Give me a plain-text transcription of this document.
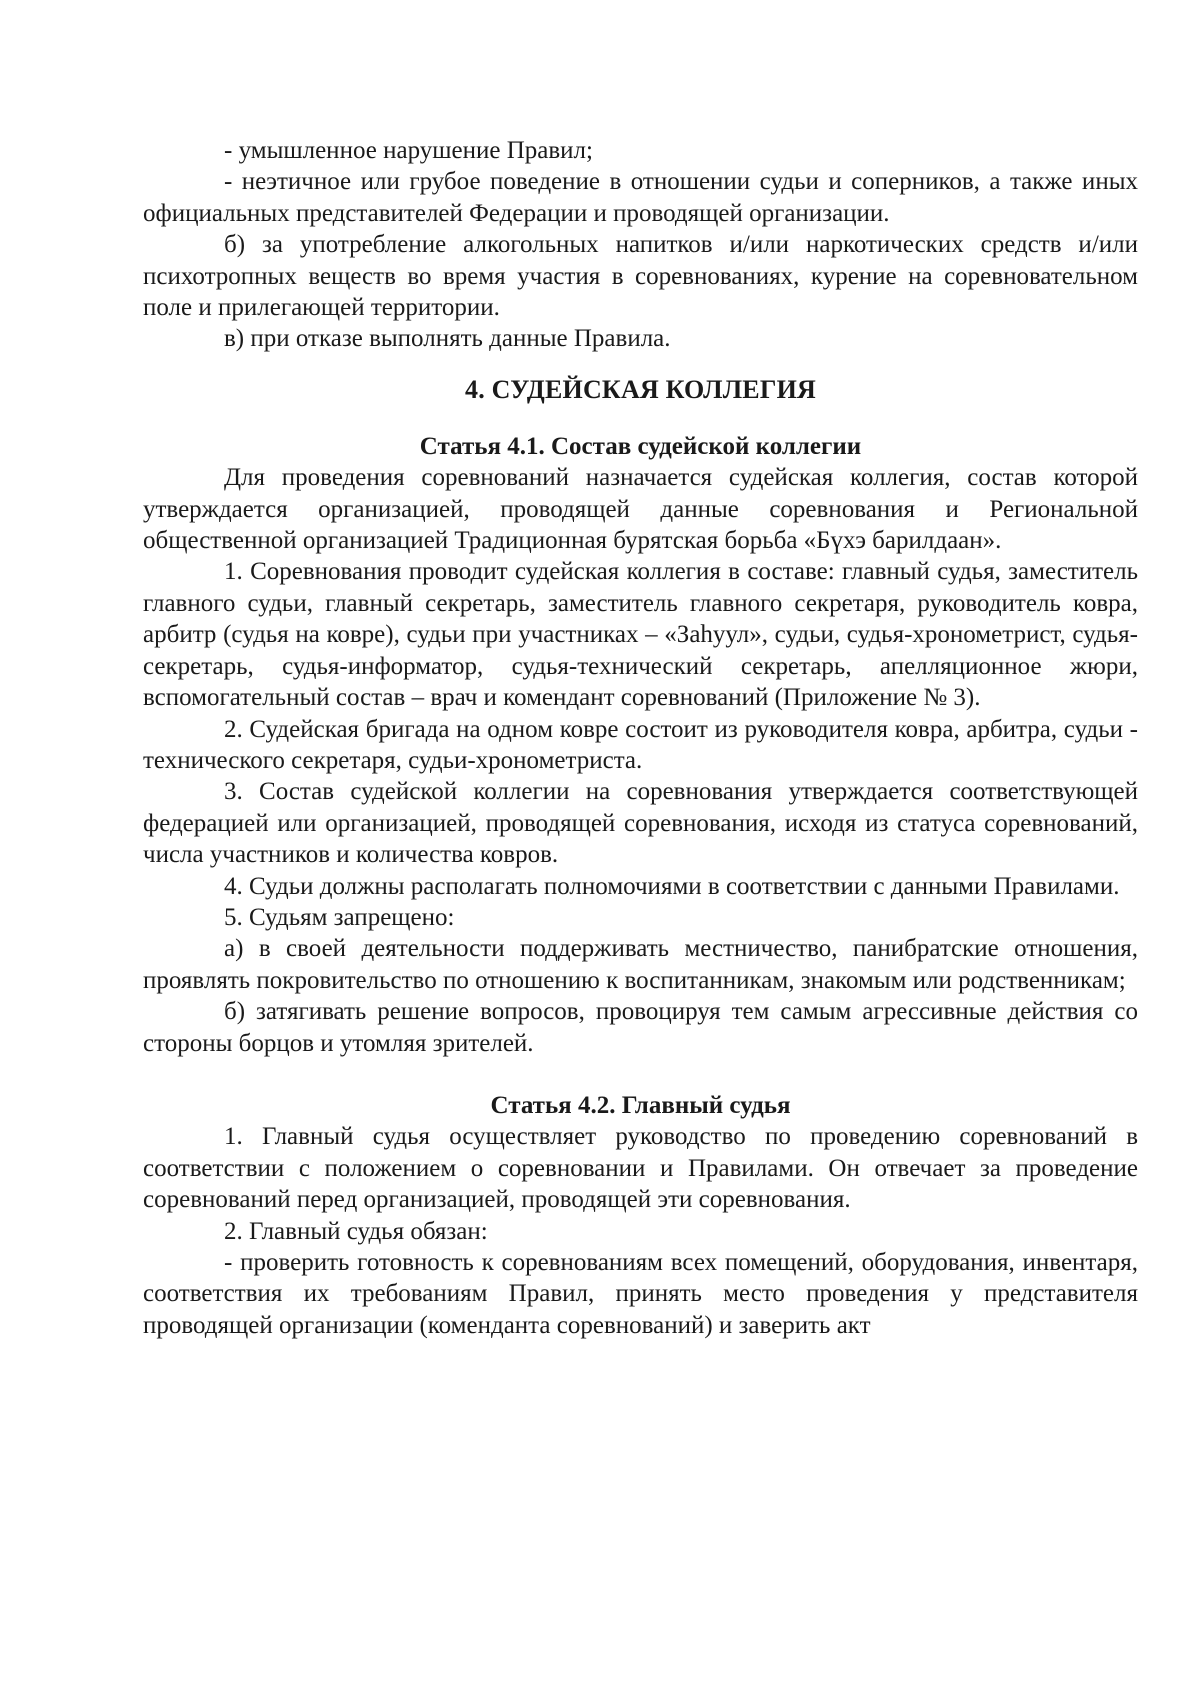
- умышленное нарушение Правил;

- неэтичное или грубое поведение в отношении судьи и соперников, а также иных официальных представителей Федерации и проводящей организации.

б) за употребление алкогольных напитков и/или наркотических средств и/или психотропных веществ во время участия в соревнованиях, курение на соревновательном поле и прилегающей территории.

в) при отказе выполнять данные Правила.

4. СУДЕЙСКАЯ КОЛЛЕГИЯ
Статья 4.1. Состав судейской коллегии

Для проведения соревнований назначается судейская коллегия, состав которой утверждается организацией, проводящей данные соревнования и Региональной общественной организацией Традиционная бурятская борьба «Бүхэ барилдаан».

1. Соревнования проводит судейская коллегия в составе: главный судья, заместитель главного судьи, главный секретарь, заместитель главного секретаря, руководитель ковра, арбитр (судья на ковре), судьи при участниках – «Заһуул», судьи, судья-хронометрист, судья-секретарь, судья-информатор, судья-технический секретарь, апелляционное жюри, вспомогательный состав – врач и комендант соревнований (Приложение № 3).

2. Судейская бригада на одном ковре состоит из руководителя ковра, арбитра, судьи - технического секретаря, судьи-хронометриста.

3. Состав судейской коллегии на соревнования утверждается соответствующей федерацией или организацией, проводящей соревнования, исходя из статуса соревнований, числа участников и количества ковров.

4. Судьи должны располагать полномочиями в соответствии с данными Правилами.

5. Судьям запрещено:

а) в своей деятельности поддерживать местничество, панибратские отношения, проявлять покровительство по отношению к воспитанникам, знакомым или родственникам;

б) затягивать решение вопросов, провоцируя тем самым агрессивные действия со стороны борцов и утомляя зрителей.

Статья 4.2. Главный судья

1. Главный судья осуществляет руководство по проведению соревнований в соответствии с положением о соревновании и Правилами. Он отвечает за проведение соревнований перед организацией, проводящей эти соревнования.

2. Главный судья обязан:

- проверить готовность к соревнованиям всех помещений, оборудования, инвентаря, соответствия их требованиям Правил, принять место проведения у представителя проводящей организации (коменданта соревнований) и заверить акт
